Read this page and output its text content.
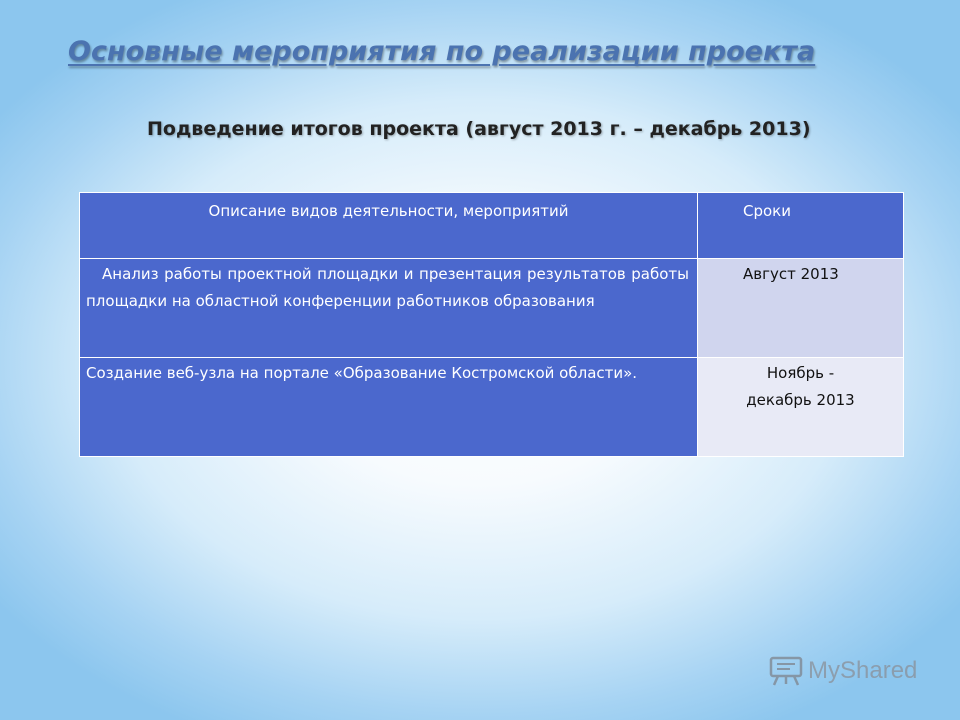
Основные мероприятия по реализации проекта
Подведение итогов проекта (август 2013 г. – декабрь 2013)
Описание видов деятельности, мероприятий	Сроки
Анализ работы проектной площадки и презентация результатов работы площадки на областной конференции работников образования	Август 2013
Создание веб-узла на портале «Образование Костромской области».	Ноябрь -
декабрь 2013
MyShared
